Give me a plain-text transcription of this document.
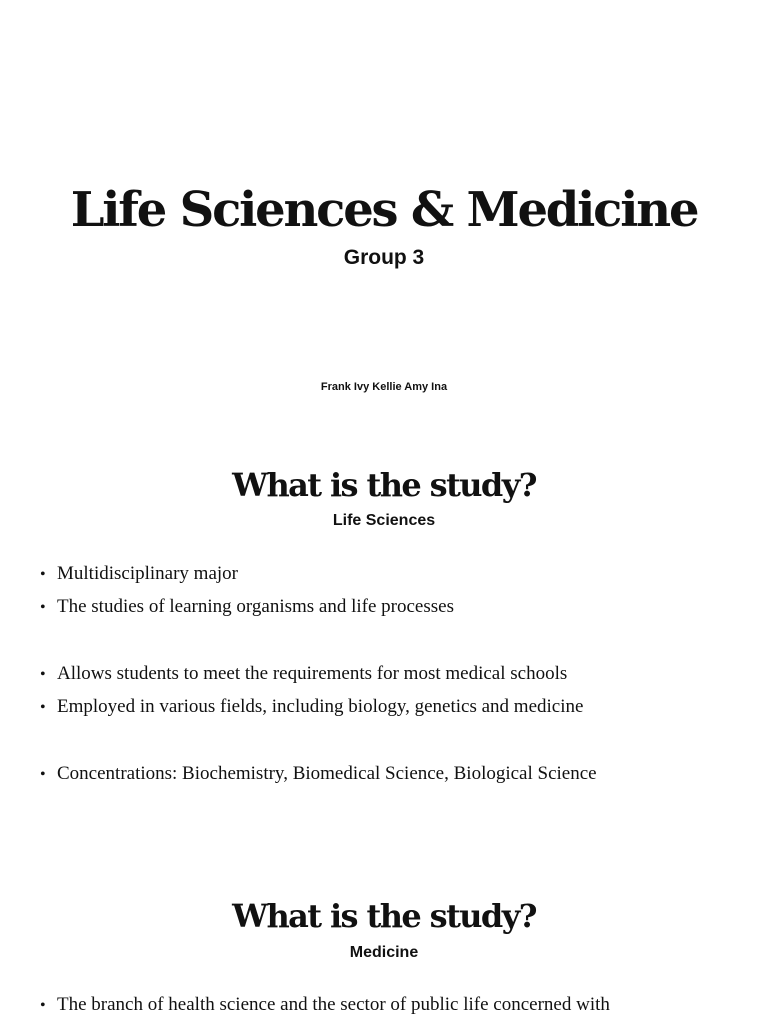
Life Sciences & Medicine
Group 3
Frank Ivy Kellie Amy Ina
What is the study?
Life Sciences
• Multidisciplinary major
• The studies of learning organisms and life processes
• Allows students to meet the requirements for most medical schools
• Employed in various fields, including biology, genetics and medicine
• Concentrations: Biochemistry, Biomedical Science, Biological Science
What is the study?
Medicine
• The branch of health science and the sector of public life concerned with
